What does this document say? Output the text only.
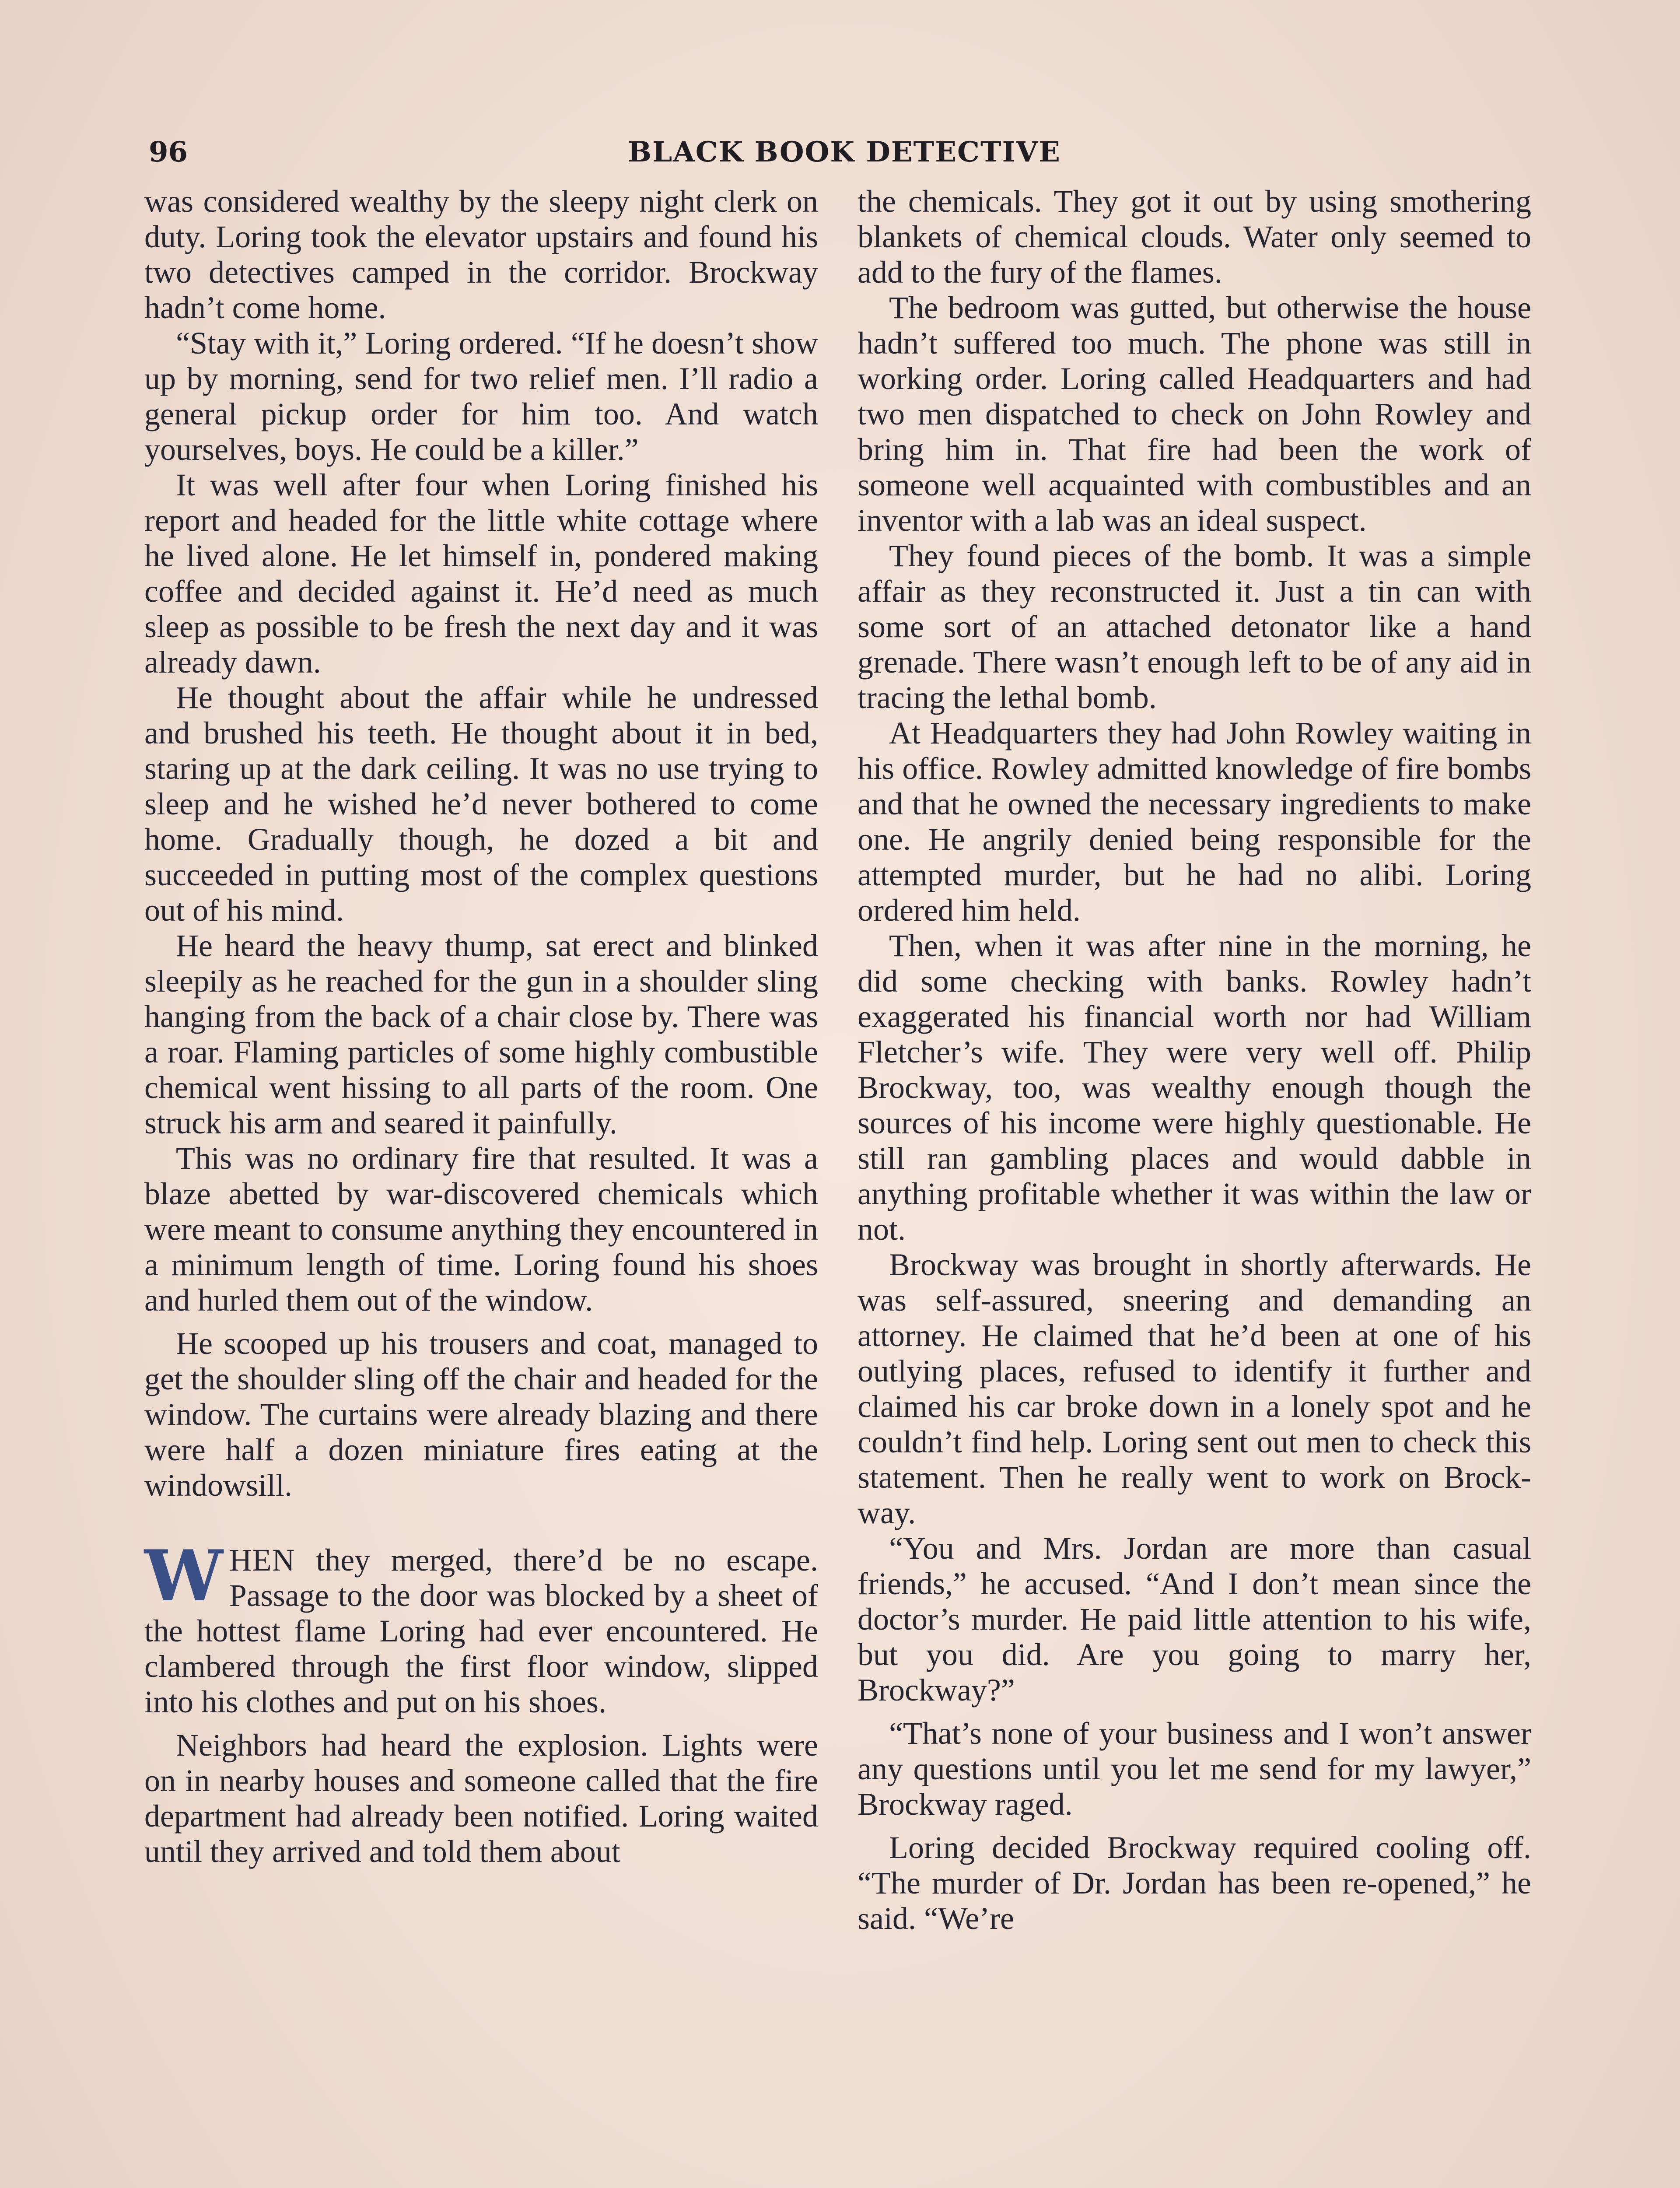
96	BLACK BOOK DETECTIVE

was considered wealthy by the sleepy night clerk on duty. Loring took the elevator upstairs and found his two detectives camped in the corridor. Brockway hadn’t come home.

“Stay with it,” Loring ordered. “If he doesn’t show up by morning, send for two relief men. I’ll radio a general pickup order for him too. And watch yourselves, boys. He could be a killer.”

It was well after four when Loring finished his report and headed for the little white cottage where he lived alone. He let himself in, pondered making coffee and decided against it. He’d need as much sleep as possible to be fresh the next day and it was already dawn.

He thought about the affair while he undressed and brushed his teeth. He thought about it in bed, staring up at the dark ceiling. It was no use trying to sleep and he wished he’d never bothered to come home. Gradually though, he dozed a bit and succeeded in putting most of the complex questions out of his mind.

He heard the heavy thump, sat erect and blinked sleepily as he reached for the gun in a shoulder sling hanging from the back of a chair close by. There was a roar. Flaming particles of some highly combustible chemical went hissing to all parts of the room. One struck his arm and seared it painfully.

This was no ordinary fire that resulted. It was a blaze abetted by war-discovered chemicals which were meant to consume anything they encountered in a minimum length of time. Loring found his shoes and hurled them out of the window.

He scooped up his trousers and coat, managed to get the shoulder sling off the chair and headed for the window. The curtains were already blazing and there were half a dozen miniature fires eating at the windowsill.

WHEN they merged, there’d be no escape. Passage to the door was blocked by a sheet of the hottest flame Loring had ever encountered. He clambered through the first floor window, slipped into his clothes and put on his shoes.

Neighbors had heard the explosion. Lights were on in nearby houses and someone called that the fire department had already been notified. Loring waited until they arrived and told them about

the chemicals. They got it out by using smothering blankets of chemical clouds. Water only seemed to add to the fury of the flames.

The bedroom was gutted, but otherwise the house hadn’t suffered too much. The phone was still in working order. Loring called Headquarters and had two men dispatched to check on John Rowley and bring him in. That fire had been the work of someone well acquainted with combustibles and an inventor with a lab was an ideal suspect.

They found pieces of the bomb. It was a simple affair as they reconstructed it. Just a tin can with some sort of an attached detonator like a hand grenade. There wasn’t enough left to be of any aid in tracing the lethal bomb.

At Headquarters they had John Rowley waiting in his office. Rowley admitted knowledge of fire bombs and that he owned the necessary ingredients to make one. He angrily denied being responsible for the attempted murder, but he had no alibi. Loring ordered him held.

Then, when it was after nine in the morning, he did some checking with banks. Rowley hadn’t exaggerated his financial worth nor had William Fletcher’s wife. They were very well off. Philip Brockway, too, was wealthy enough though the sources of his income were highly questionable. He still ran gambling places and would dabble in anything profitable whether it was within the law or not.

Brockway was brought in shortly afterwards. He was self-assured, sneering and demanding an attorney. He claimed that he’d been at one of his outlying places, refused to identify it further and claimed his car broke down in a lonely spot and he couldn’t find help. Loring sent out men to check this statement. Then he really went to work on Brockway.

“You and Mrs. Jordan are more than casual friends,” he accused. “And I don’t mean since the doctor’s murder. He paid little attention to his wife, but you did. Are you going to marry her, Brockway?”

“That’s none of your business and I won’t answer any questions until you let me send for my lawyer,” Brockway raged.

Loring decided Brockway required cooling off. “The murder of Dr. Jordan has been re-opened,” he said. “We’re
